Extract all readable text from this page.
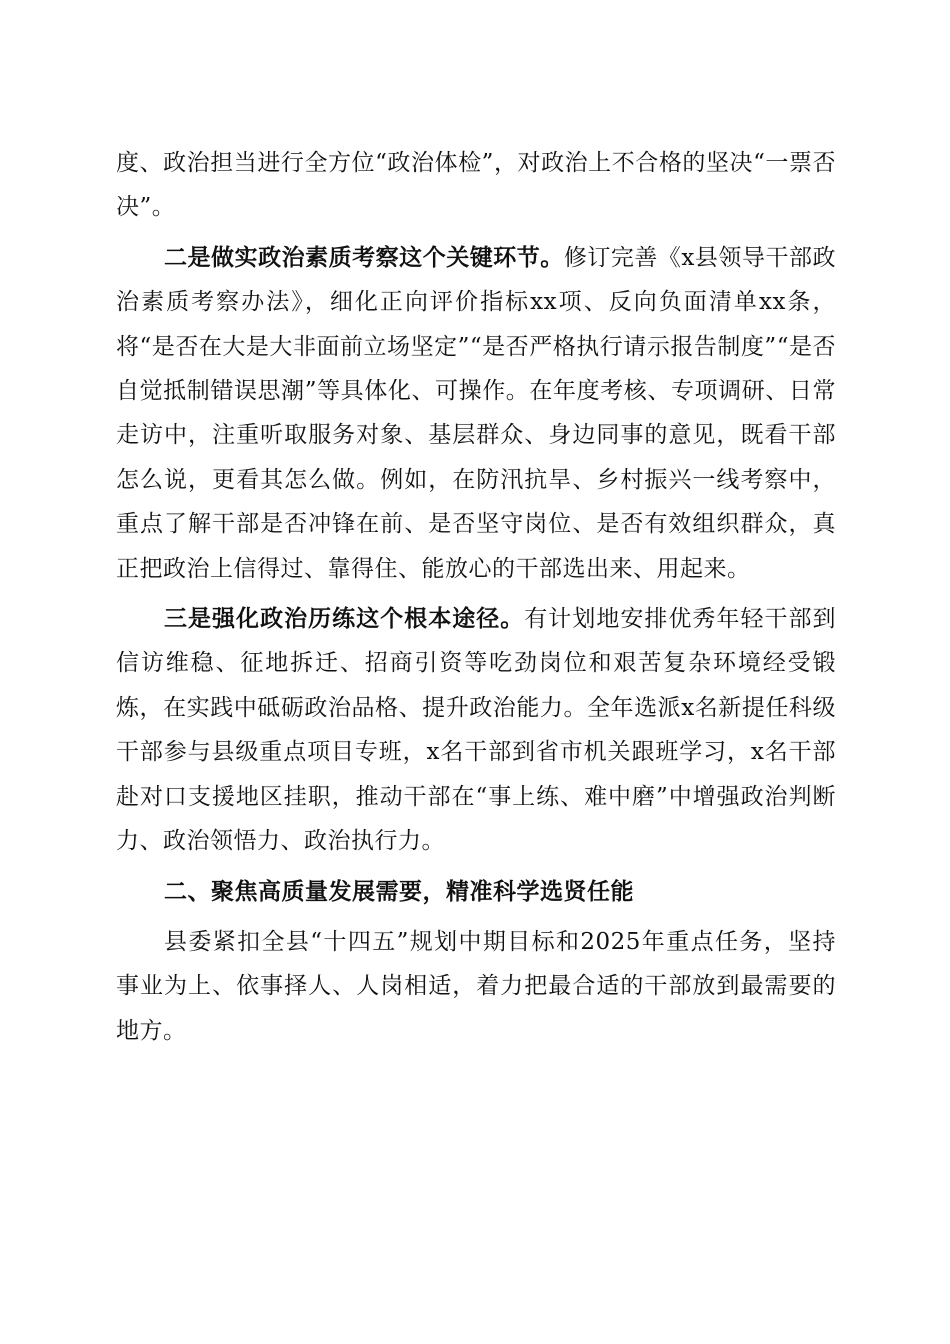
度、政治担当进行全方位“政治体检”，对政治上不合格的坚决“一票否决”。

二是做实政治素质考察这个关键环节。修订完善《x县领导干部政治素质考察办法》，细化正向评价指标xx项、反向负面清单xx条，将“是否在大是大非面前立场坚定”“是否严格执行请示报告制度”“是否自觉抵制错误思潮”等具体化、可操作。在年度考核、专项调研、日常走访中，注重听取服务对象、基层群众、身边同事的意见，既看干部怎么说，更看其怎么做。例如，在防汛抗旱、乡村振兴一线考察中，重点了解干部是否冲锋在前、是否坚守岗位、是否有效组织群众，真正把政治上信得过、靠得住、能放心的干部选出来、用起来。

三是强化政治历练这个根本途径。有计划地安排优秀年轻干部到信访维稳、征地拆迁、招商引资等吃劲岗位和艰苦复杂环境经受锻炼，在实践中砥砺政治品格、提升政治能力。全年选派x名新提任科级干部参与县级重点项目专班，x名干部到省市机关跟班学习，x名干部赴对口支援地区挂职，推动干部在“事上练、难中磨”中增强政治判断力、政治领悟力、政治执行力。

二、聚焦高质量发展需要，精准科学选贤任能

县委紧扣全县“十四五”规划中期目标和2025年重点任务，坚持事业为上、依事择人、人岗相适，着力把最合适的干部放到最需要的地方。
